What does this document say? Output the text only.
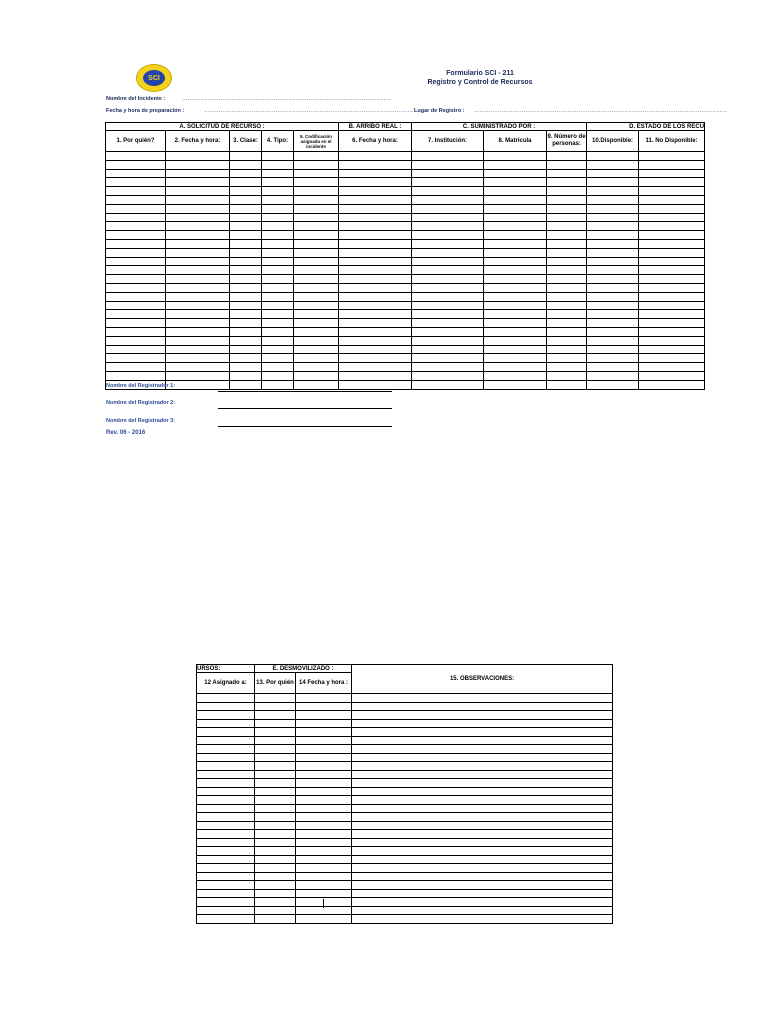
SCI
Formulario SCI - 211
Registro y Control de Recursos
Nombre del Incidente :	……………………………………………………………………………………………………
Fecha y hora de preparación :	…………………………………………………………………………………………………… Lugar de Registro : …………………………………………………………………………………………………………………………
A. SOLICITUD DE RECURSO :					B. ARRIBO REAL :	C. SUMINISTRADO POR :			D. ESTADO DE LOS RECU	
1. Por quién?	2. Fecha y hora:	3. Clase:	4. Tipo:	5. Codificación asignada en el incidente	6. Fecha y hora:	7. Institución:	8. Matrícula	9. Número de personas:	10.Disponible:	11. No Disponible:

Nombre del Registrador 1:
Nombre del Registrador 2:
Nombre del Registrador 3:
Rev. 06 - 2016
URSOS:	E. DESMOVILIZADO :		15. OBSERVACIONES:
12 Asignado a:	13. Por quién	14 Fecha y hora :	
